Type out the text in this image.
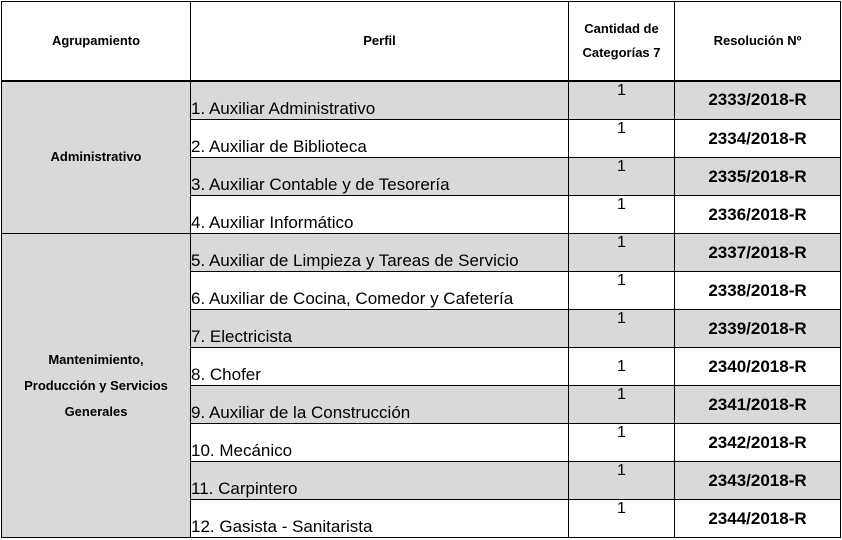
Agrupamiento	Perfil	Cantidad de
Categorías 7	Resolución Nº
Administrativo	1. Auxiliar Administrativo	1	2333/2018-R
	2. Auxiliar de Biblioteca	1	2334/2018-R
	3. Auxiliar Contable y de Tesorería	1	2335/2018-R
	4. Auxiliar Informático	1	2336/2018-R
Mantenimiento,
Producción y Servicios
Generales	5. Auxiliar de Limpieza y Tareas de Servicio	1	2337/2018-R
	6. Auxiliar de Cocina, Comedor y Cafetería	1	2338/2018-R
	7. Electricista	1	2339/2018-R
	8. Chofer	1	2340/2018-R
	9. Auxiliar de la Construcción	1	2341/2018-R
	10. Mecánico	1	2342/2018-R
	11. Carpintero	1	2343/2018-R
	12. Gasista - Sanitarista	1	2344/2018-R
